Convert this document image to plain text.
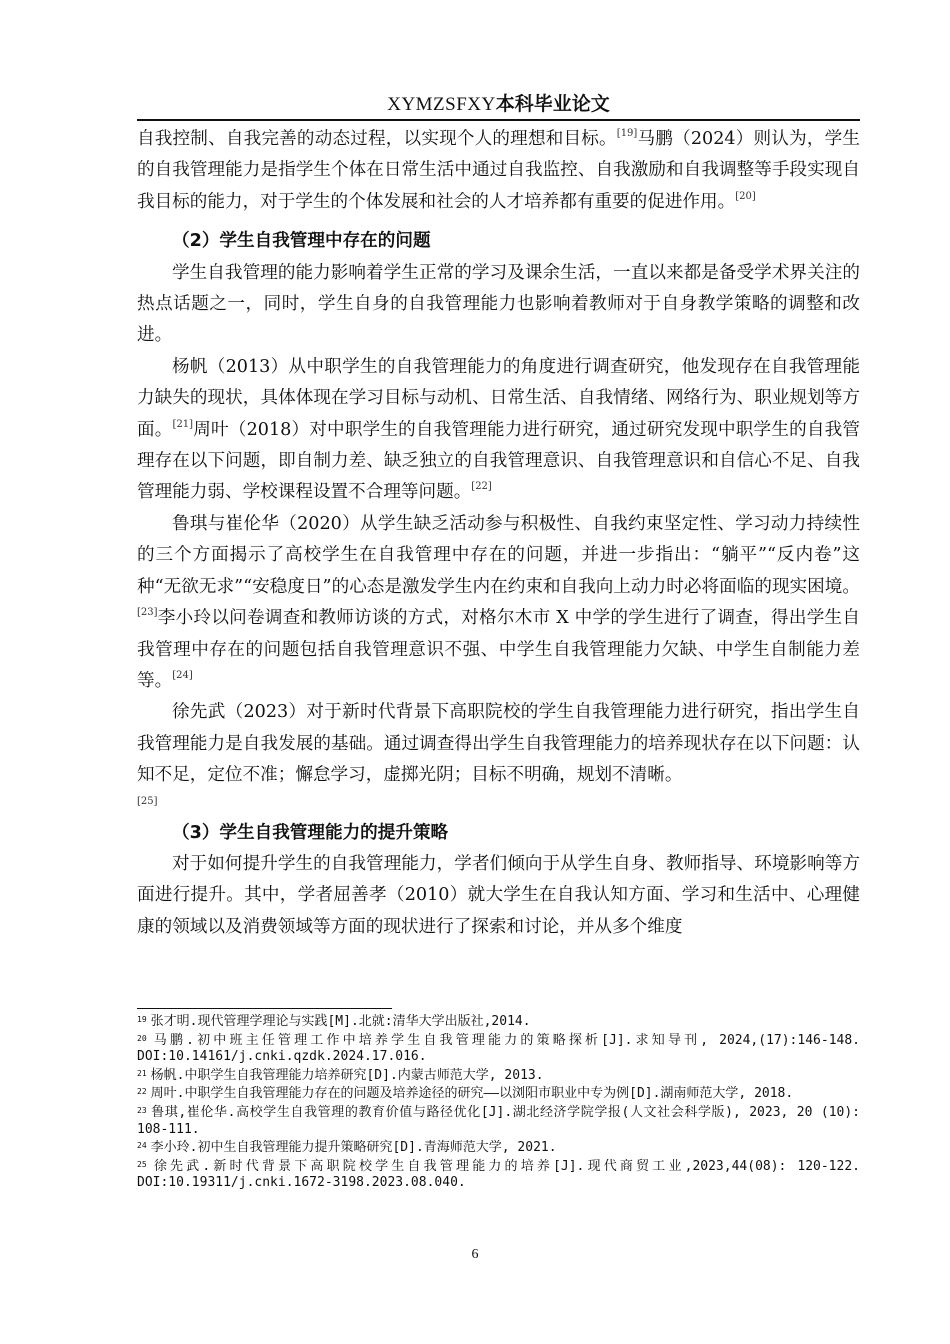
XYMZSFXY本科毕业论文

自我控制、自我完善的动态过程，以实现个人的理想和目标。[19]马鹏（2024）则认为，学生的自我管理能力是指学生个体在日常生活中通过自我监控、自我激励和自我调整等手段实现自我目标的能力，对于学生的个体发展和社会的人才培养都有重要的促进作用。[20]

（2）学生自我管理中存在的问题

学生自我管理的能力影响着学生正常的学习及课余生活，一直以来都是备受学术界关注的热点话题之一，同时，学生自身的自我管理能力也影响着教师对于自身教学策略的调整和改进。

杨帆（2013）从中职学生的自我管理能力的角度进行调查研究，他发现存在自我管理能力缺失的现状，具体体现在学习目标与动机、日常生活、自我情绪、网络行为、职业规划等方面。[21]周叶（2018）对中职学生的自我管理能力进行研究，通过研究发现中职学生的自我管理存在以下问题，即自制力差、缺乏独立的自我管理意识、自我管理意识和自信心不足、自我管理能力弱、学校课程设置不合理等问题。[22]

鲁琪与崔伦华（2020）从学生缺乏活动参与积极性、自我约束坚定性、学习动力持续性的三个方面揭示了高校学生在自我管理中存在的问题，并进一步指出：“躺平”“反内卷”这种“无欲无求”“安稳度日”的心态是激发学生内在约束和自我向上动力时必将面临的现实困境。[23]李小玲以问卷调查和教师访谈的方式，对格尔木市 X 中学的学生进行了调查，得出学生自我管理中存在的问题包括自我管理意识不强、中学生自我管理能力欠缺、中学生自制能力差等。[24]

徐先武（2023）对于新时代背景下高职院校的学生自我管理能力进行研究，指出学生自我管理能力是自我发展的基础。通过调查得出学生自我管理能力的培养现状存在以下问题：认知不足，定位不准；懈怠学习，虚掷光阴；目标不明确，规划不清晰。

[25]
（3）学生自我管理能力的提升策略

对于如何提升学生的自我管理能力，学者们倾向于从学生自身、教师指导、环境影响等方面进行提升。其中，学者屈善孝（2010）就大学生在自我认知方面、学习和生活中、心理健康的领域以及消费领域等方面的现状进行了探索和讨论，并从多个维度

$^{19}$ 张才明.现代管理学理论与实践[M].北就:清华大学出版社,2014.
$^{20}$ 马鹏.初中班主任管理工作中培养学生自我管理能力的策略探析[J].求知导刊, 2024,(17):146-148. DOI:10.14161/j.cnki.qzdk.2024.17.016.
$^{21}$ 杨帆.中职学生自我管理能力培养研究[D].内蒙古师范大学, 2013.
$^{22}$ 周叶.中职学生自我管理能力存在的问题及培养途径的研究——以浏阳市职业中专为例[D].湖南师范大学, 2018.
$^{23}$ 鲁琪,崔伦华.高校学生自我管理的教育价值与路径优化[J].湖北经济学院学报(人文社会科学版), 2023, 20 (10): 108-111.
$^{24}$ 李小玲.初中生自我管理能力提升策略研究[D].青海师范大学, 2021.
$^{25}$ 徐先武.新时代背景下高职院校学生自我管理能力的培养[J].现代商贸工业,2023,44(08): 120-122. DOI:10.19311/j.cnki.1672-3198.2023.08.040.
6
